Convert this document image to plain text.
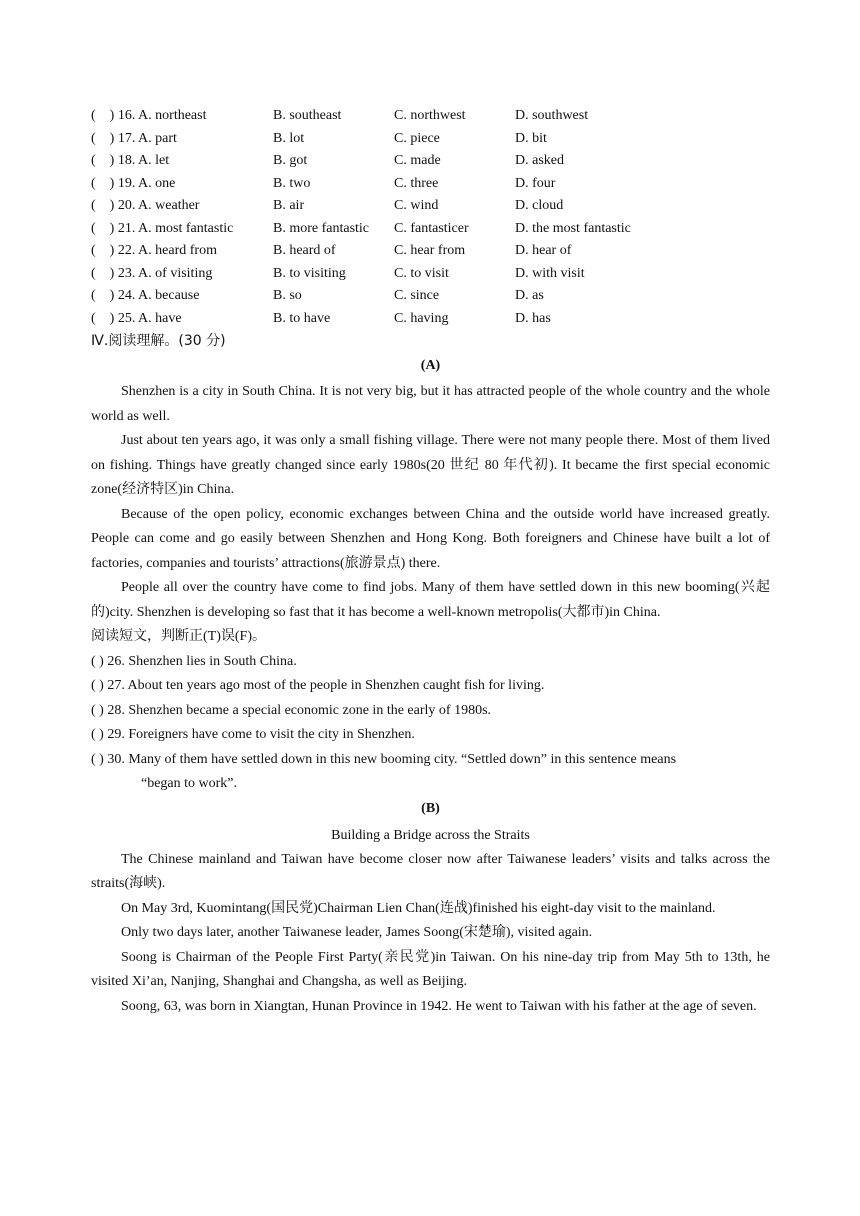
(    ) 16. A. northeast	B. southeast	C. northwest	D. southwest
(    ) 17. A. part	B. lot	C. piece	D. bit
(    ) 18. A. let	B. got	C. made	D. asked
(    ) 19. A. one	B. two	C. three	D. four
(    ) 20. A. weather	B. air	C. wind	D. cloud
(    ) 21. A. most fantastic	B. more fantastic	C. fantasticer	D. the most fantastic
(    ) 22. A. heard from	B. heard of	C. hear from	D. hear of
(    ) 23. A. of visiting	B. to visiting	C. to visit	D. with visit
(    ) 24. A. because	B. so	C. since	D. as
(    ) 25. A. have	B. to have	C. having	D. has
Ⅳ.阅读理解。(30 分)
(A)

Shenzhen is a city in South China. It is not very big, but it has attracted people of the whole country and the whole world as well.

Just about ten years ago, it was only a small fishing village. There were not many people there. Most of them lived on fishing. Things have greatly changed since early 1980s(20 世纪 80 年代初). It became the first special economic zone(经济特区)in China.

Because of the open policy, economic exchanges between China and the outside world have increased greatly. People can come and go easily between Shenzhen and Hong Kong. Both foreigners and Chinese have built a lot of factories, companies and tourists’ attractions(旅游景点) there.

People all over the country have come to find jobs. Many of them have settled down in this new booming(兴起的)city. Shenzhen is developing so fast that it has become a well-known metropolis(大都市)in China.

阅读短文，判断正(T)误(F)。

( ) 26. Shenzhen lies in South China.

( ) 27. About ten years ago most of the people in Shenzhen caught fish for living.

( ) 28. Shenzhen became a special economic zone in the early of 1980s.

( ) 29. Foreigners have come to visit the city in Shenzhen.

( ) 30. Many of them have settled down in this new booming city. “Settled down” in this sentence means

“began to work”.

(B)
Building a Bridge across the Straits

The Chinese mainland and Taiwan have become closer now after Taiwanese leaders’ visits and talks across the straits(海峡).

On May 3rd, Kuomintang(国民党)Chairman Lien Chan(连战)finished his eight-day visit to the mainland.

Only two days later, another Taiwanese leader, James Soong(宋楚瑜), visited again.

Soong is Chairman of the People First Party(亲民党)in Taiwan. On his nine-day trip from May 5th to 13th, he visited Xi’an, Nanjing, Shanghai and Changsha, as well as Beijing.

Soong, 63, was born in Xiangtan, Hunan Province in 1942. He went to Taiwan with his father at the age of seven.
